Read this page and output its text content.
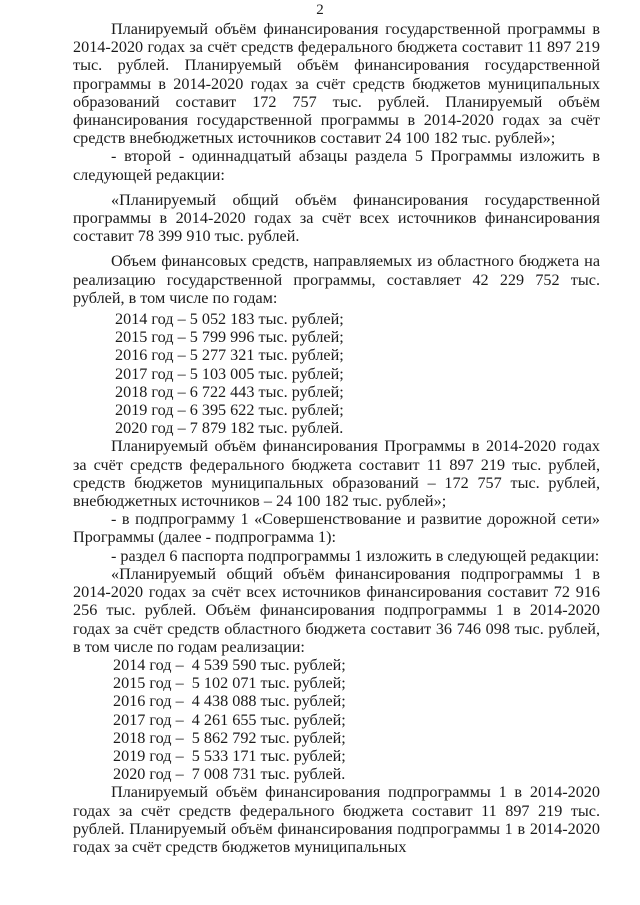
2

Планируемый объём финансирования государственной программы в 2014-2020 годах за счёт средств федерального бюджета составит 11 897 219 тыс. рублей. Планируемый объём финансирования государственной программы в 2014-2020 годах за счёт средств бюджетов муниципальных образований составит 172 757 тыс. рублей. Планируемый объём финансирования государственной программы в 2014-2020 годах за счёт средств внебюджетных источников составит 24 100 182 тыс. рублей»;

- второй - одиннадцатый абзацы раздела 5 Программы изложить в следующей редакции:

«Планируемый общий объём финансирования государственной программы в 2014-2020 годах за счёт всех источников финансирования составит 78 399 910 тыс. рублей.

Объем финансовых средств, направляемых из областного бюджета на реализацию государственной программы, составляет 42 229 752 тыс. рублей, в том числе по годам:

2014 год – 5 052 183 тыс. рублей;
2015 год – 5 799 996 тыс. рублей;
2016 год – 5 277 321 тыс. рублей;
2017 год – 5 103 005 тыс. рублей;
2018 год – 6 722 443 тыс. рублей;
2019 год – 6 395 622 тыс. рублей;
2020 год – 7 879 182 тыс. рублей.

Планируемый объём финансирования Программы в 2014-2020 годах за счёт средств федерального бюджета составит 11 897 219 тыс. рублей, средств бюджетов муниципальных образований – 172 757 тыс. рублей, внебюджетных источников – 24 100 182 тыс. рублей»;

- в подпрограмму 1 «Совершенствование и развитие дорожной сети» Программы (далее - подпрограмма 1):

- раздел 6 паспорта подпрограммы 1 изложить в следующей редакции:

«Планируемый общий объём финансирования подпрограммы 1 в 2014-2020 годах за счёт всех источников финансирования составит 72 916 256 тыс. рублей. Объём финансирования подпрограммы 1 в 2014-2020 годах за счёт средств областного бюджета составит 36 746 098 тыс. рублей, в том числе по годам реализации:

2014 год –  4 539 590 тыс. рублей;
2015 год –  5 102 071 тыс. рублей;
2016 год –  4 438 088 тыс. рублей;
2017 год –  4 261 655 тыс. рублей;
2018 год –  5 862 792 тыс. рублей;
2019 год –  5 533 171 тыс. рублей;
2020 год –  7 008 731 тыс. рублей.

Планируемый объём финансирования подпрограммы 1 в 2014-2020 годах за счёт средств федерального бюджета составит 11 897 219 тыс. рублей. Планируемый объём финансирования подпрограммы 1 в 2014-2020 годах за счёт средств бюджетов муниципальных
